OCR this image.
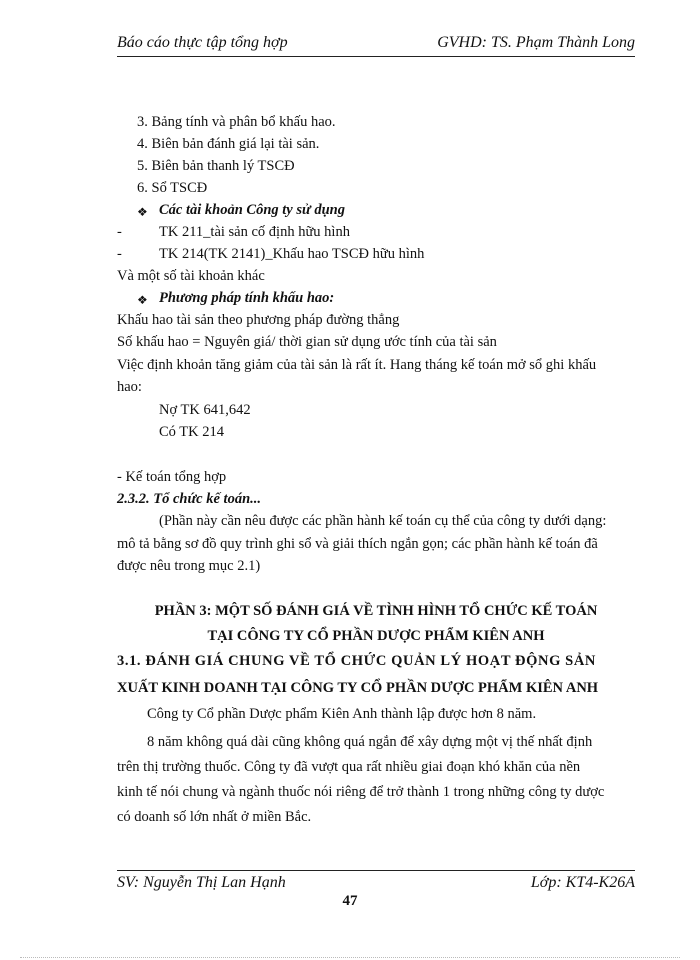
Báo cáo thực tập tổng hợp	GVHD: TS. Phạm Thành Long
3. Bảng tính và phân bổ khấu hao.
4. Biên bản đánh giá lại tài sản.
5. Biên bản thanh lý TSCĐ
6. Sổ TSCĐ
❖ Các tài khoản Công ty sử dụng
-	TK 211_tài sản cố định hữu hình
-	TK 214(TK 2141)_Khấu hao TSCĐ hữu hình
Và một số tài khoản khác
❖ Phương pháp tính khấu hao:
Khấu hao tài sản theo phương pháp đường thẳng
Số khấu hao = Nguyên giá/ thời gian sử dụng ước tính của tài sản
Việc định khoản tăng giảm của tài sản là rất ít. Hang tháng kế toán mở sổ ghi khấu
hao:
Nợ TK 641,642
Có TK 214
- Kế toán tổng hợp
2.3.2. Tổ chức kế toán...
(Phần này cần nêu được các phần hành kế toán cụ thể của công ty dưới dạng:
mô tả bằng sơ đồ quy trình ghi sổ và giải thích ngắn gọn; các phần hành kế toán đã
được nêu trong mục 2.1)
PHẦN 3: MỘT SỐ ĐÁNH GIÁ VỀ TÌNH HÌNH TỔ CHỨC KẾ TOÁN
TẠI CÔNG TY CỔ PHẦN DƯỢC PHẨM KIÊN ANH
3.1. ĐÁNH GIÁ CHUNG VỀ TỔ CHỨC QUẢN LÝ HOẠT ĐỘNG SẢN
XUẤT KINH DOANH TẠI CÔNG TY CỔ PHẦN DƯỢC PHẨM KIÊN ANH
Công ty Cổ phần Dược phẩm Kiên Anh thành lập được hơn 8 năm.
8 năm không quá dài cũng không quá ngắn để xây dựng một vị thế nhất định
trên thị trường thuốc. Công ty đã vượt qua rất nhiều giai đoạn khó khăn của nền
kinh tế nói chung và ngành thuốc nói riêng để trở thành 1 trong những công ty dược
có doanh số lớn nhất ở miền Bắc.
SV: Nguyễn Thị Lan Hạnh	Lớp: KT4-K26A
47
